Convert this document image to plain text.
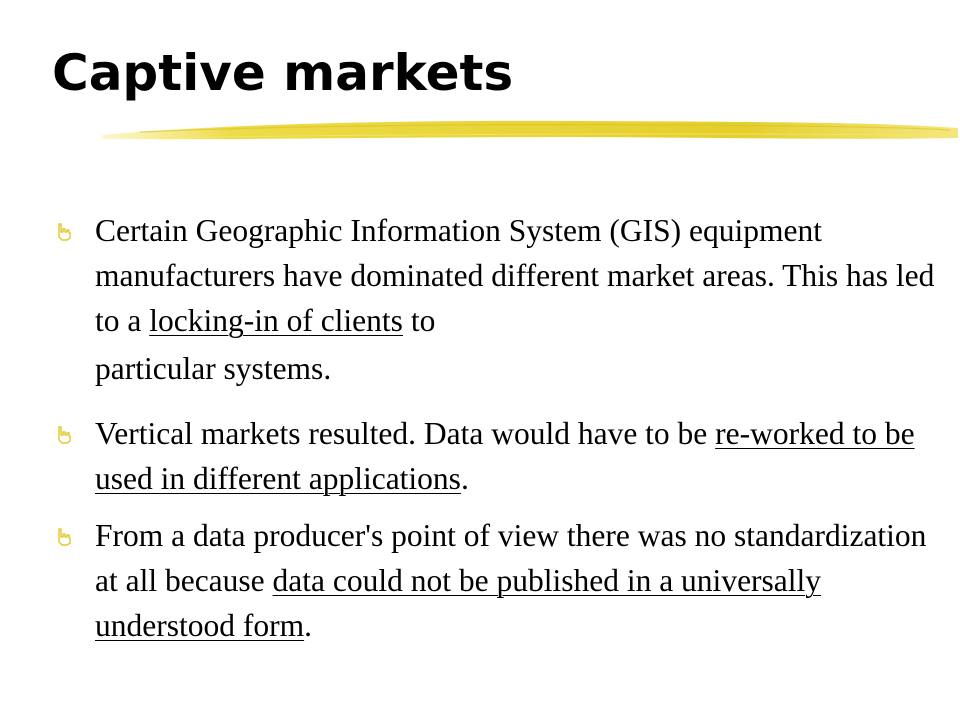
Captive markets
Certain Geographic Information System (GIS) equipment manufacturers have dominated different market areas. This has led to a locking-in of clients to
particular systems.
Vertical markets resulted. Data would have to be re-worked to be used in different applications.
From a data producer's point of view there was no standardization at all because data could not be published in a universally understood form.
